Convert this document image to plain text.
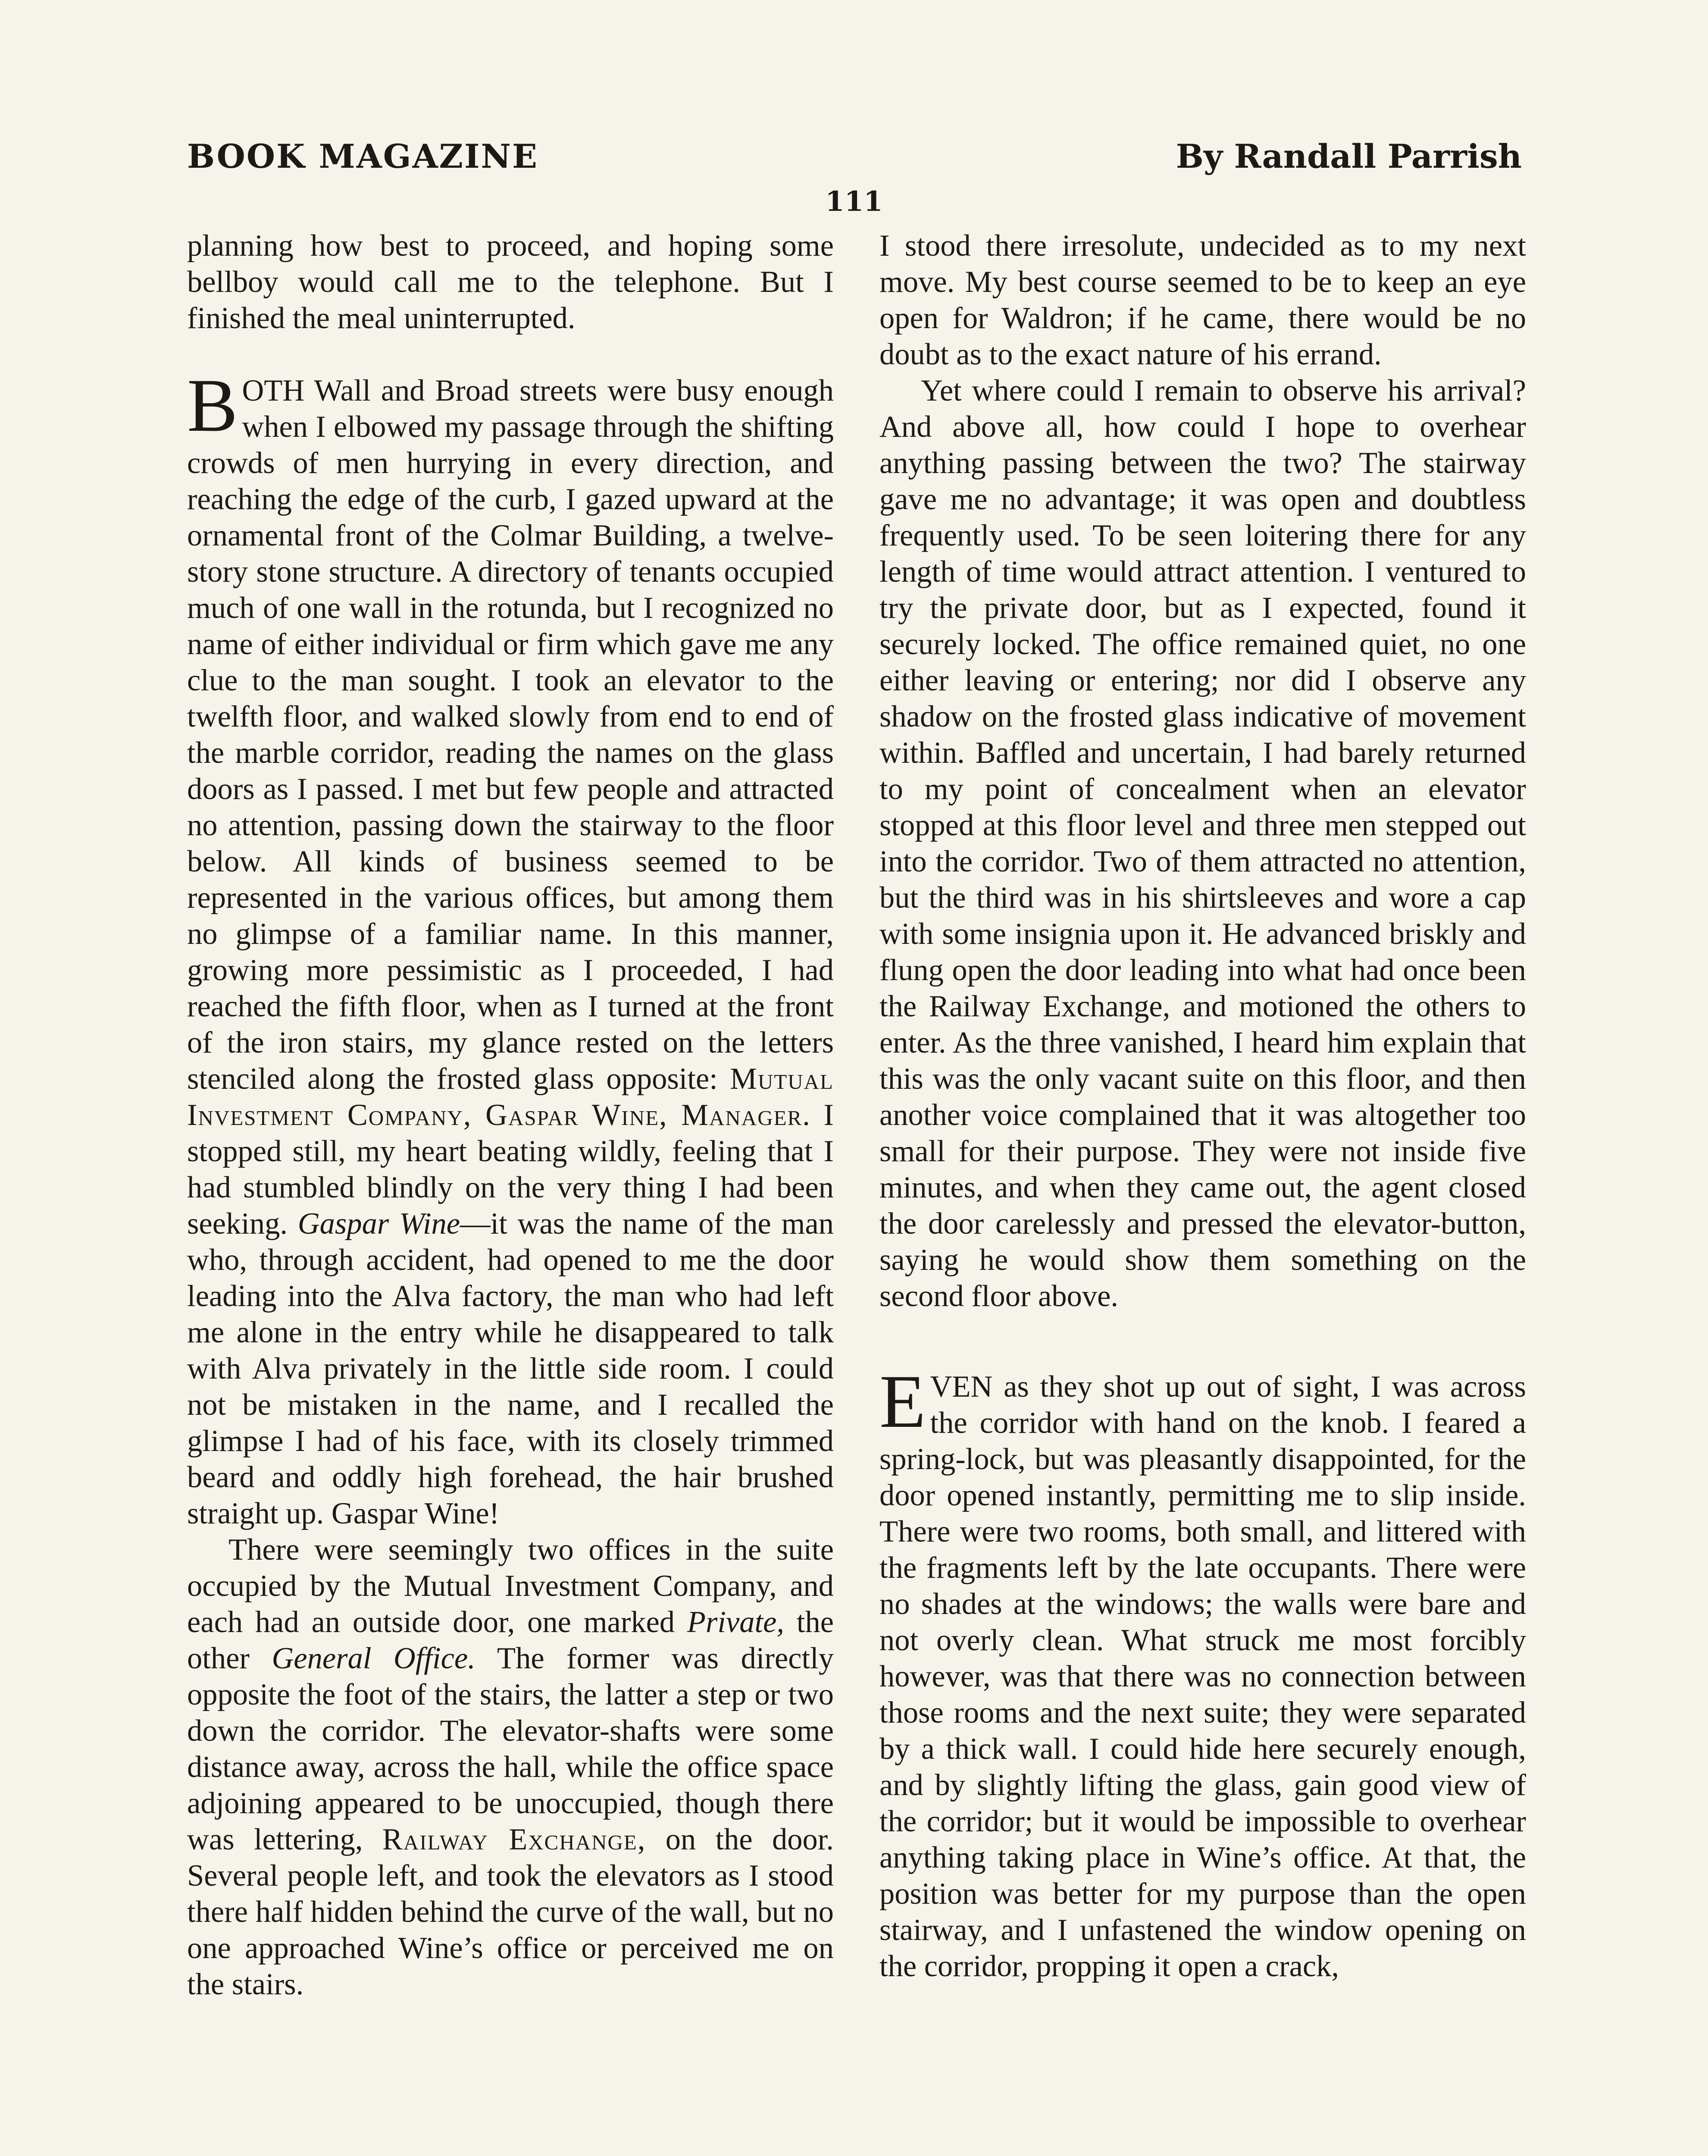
BOOK MAGAZINE	By Randall Parrish
111

planning how best to proceed, and hoping some bellboy would call me to the telephone. But I finished the meal uninterrupted.

BOTH Wall and Broad streets were busy enough when I elbowed my passage through the shifting crowds of men hurrying in every direction, and reaching the edge of the curb, I gazed upward at the ornamental front of the Colmar Building, a twelve-story stone structure. A directory of tenants occupied much of one wall in the rotunda, but I recognized no name of either individual or firm which gave me any clue to the man sought. I took an elevator to the twelfth floor, and walked slowly from end to end of the marble corridor, reading the names on the glass doors as I passed. I met but few people and attracted no attention, passing down the stairway to the floor below. All kinds of business seemed to be represented in the various offices, but among them no glimpse of a familiar name. In this manner, growing more pessimistic as I proceeded, I had reached the fifth floor, when as I turned at the front of the iron stairs, my glance rested on the letters stenciled along the frosted glass opposite: Mutual Investment Company, Gaspar Wine, Manager. I stopped still, my heart beating wildly, feeling that I had stumbled blindly on the very thing I had been seeking. Gaspar Wine—it was the name of the man who, through accident, had opened to me the door leading into the Alva factory, the man who had left me alone in the entry while he disappeared to talk with Alva privately in the little side room. I could not be mistaken in the name, and I recalled the glimpse I had of his face, with its closely trimmed beard and oddly high forehead, the hair brushed straight up. Gaspar Wine!

There were seemingly two offices in the suite occupied by the Mutual Investment Company, and each had an outside door, one marked Private, the other General Office. The former was directly opposite the foot of the stairs, the latter a step or two down the corridor. The elevator-shafts were some distance away, across the hall, while the office space adjoining appeared to be unoccupied, though there was lettering, Railway Exchange, on the door. Several people left, and took the elevators as I stood there half hidden behind the curve of the wall, but no one approached Wine’s office or perceived me on the stairs.

I stood there irresolute, undecided as to my next move. My best course seemed to be to keep an eye open for Waldron; if he came, there would be no doubt as to the exact nature of his errand.

Yet where could I remain to observe his arrival? And above all, how could I hope to overhear anything passing between the two? The stairway gave me no advantage; it was open and doubtless frequently used. To be seen loitering there for any length of time would attract attention. I ventured to try the private door, but as I expected, found it securely locked. The office remained quiet, no one either leaving or entering; nor did I observe any shadow on the frosted glass indicative of movement within. Baffled and uncertain, I had barely returned to my point of concealment when an elevator stopped at this floor level and three men stepped out into the corridor. Two of them attracted no attention, but the third was in his shirtsleeves and wore a cap with some insignia upon it. He advanced briskly and flung open the door leading into what had once been the Railway Exchange, and motioned the others to enter. As the three vanished, I heard him explain that this was the only vacant suite on this floor, and then another voice complained that it was altogether too small for their purpose. They were not inside five minutes, and when they came out, the agent closed the door carelessly and pressed the elevator-button, saying he would show them something on the second floor above.

EVEN as they shot up out of sight, I was across the corridor with hand on the knob. I feared a spring-lock, but was pleasantly disappointed, for the door opened instantly, permitting me to slip inside. There were two rooms, both small, and littered with the fragments left by the late occupants. There were no shades at the windows; the walls were bare and not overly clean. What struck me most forcibly however, was that there was no connection between those rooms and the next suite; they were separated by a thick wall. I could hide here securely enough, and by slightly lifting the glass, gain good view of the corridor; but it would be impossible to overhear anything taking place in Wine’s office. At that, the position was better for my purpose than the open stairway, and I unfastened the window opening on the corridor, propping it open a crack,
